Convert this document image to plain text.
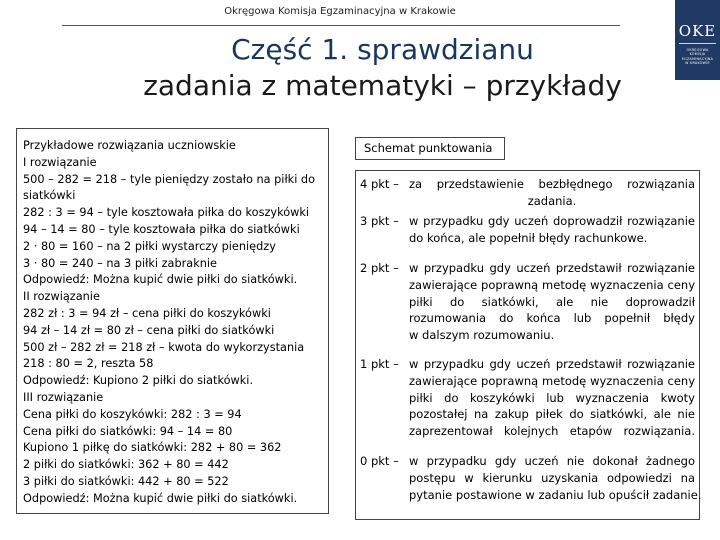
Okręgowa Komisja Egzaminacyjna w Krakowie
OKE
OKRĘGOWA
KOMISJA
EGZAMINACYJNA
W KRAKOWIE
Część 1. sprawdzianu
zadania z matematyki – przykłady
Przykładowe rozwiązania uczniowskie
I rozwiązanie
500 – 282 = 218 – tyle pieniędzy zostało na piłki do
siatkówki
282 : 3 = 94 – tyle kosztowała piłka do koszykówki
94 – 14 = 80 – tyle kosztowała piłka do siatkówki
2 · 80 = 160 – na 2 piłki wystarczy pieniędzy
3 · 80 = 240 – na 3 piłki zabraknie
Odpowiedź: Można kupić dwie piłki do siatkówki.
II rozwiązanie
282 zł : 3 = 94 zł – cena piłki do koszykówki
94 zł – 14 zł = 80 zł – cena piłki do siatkówki
500 zł – 282 zł = 218 zł – kwota do wykorzystania
218 : 80 = 2, reszta 58
Odpowiedź: Kupiono 2 piłki do siatkówki.
III rozwiązanie
Cena piłki do koszykówki: 282 : 3 = 94
Cena piłki do siatkówki: 94 – 14 = 80
Kupiono 1 piłkę do siatkówki: 282 + 80 = 362
2 piłki do siatkówki: 362 + 80 = 442
3 piłki do siatkówki: 442 + 80 = 522
Odpowiedź: Można kupić dwie piłki do siatkówki.
Schemat punktowania
4 pkt – za przedstawienie bezbłędnego rozwiązania
zadania.
3 pkt – w przypadku gdy uczeń doprowadził rozwiązanie
do końca, ale popełnił błędy rachunkowe.
2 pkt – w przypadku gdy uczeń przedstawił rozwiązanie
zawierające poprawną metodę wyznaczenia ceny
piłki do siatkówki, ale nie doprowadził
rozumowania do końca lub popełnił błędy
w dalszym rozumowaniu.
1 pkt – w przypadku gdy uczeń przedstawił rozwiązanie
zawierające poprawną metodę wyznaczenia ceny
piłki do koszykówki lub wyznaczenia kwoty
pozostałej na zakup piłek do siatkówki, ale nie
zaprezentował kolejnych etapów rozwiązania.
0 pkt – w przypadku gdy uczeń nie dokonał żadnego
postępu w kierunku uzyskania odpowiedzi na
pytanie postawione w zadaniu lub opuścił zadanie.
